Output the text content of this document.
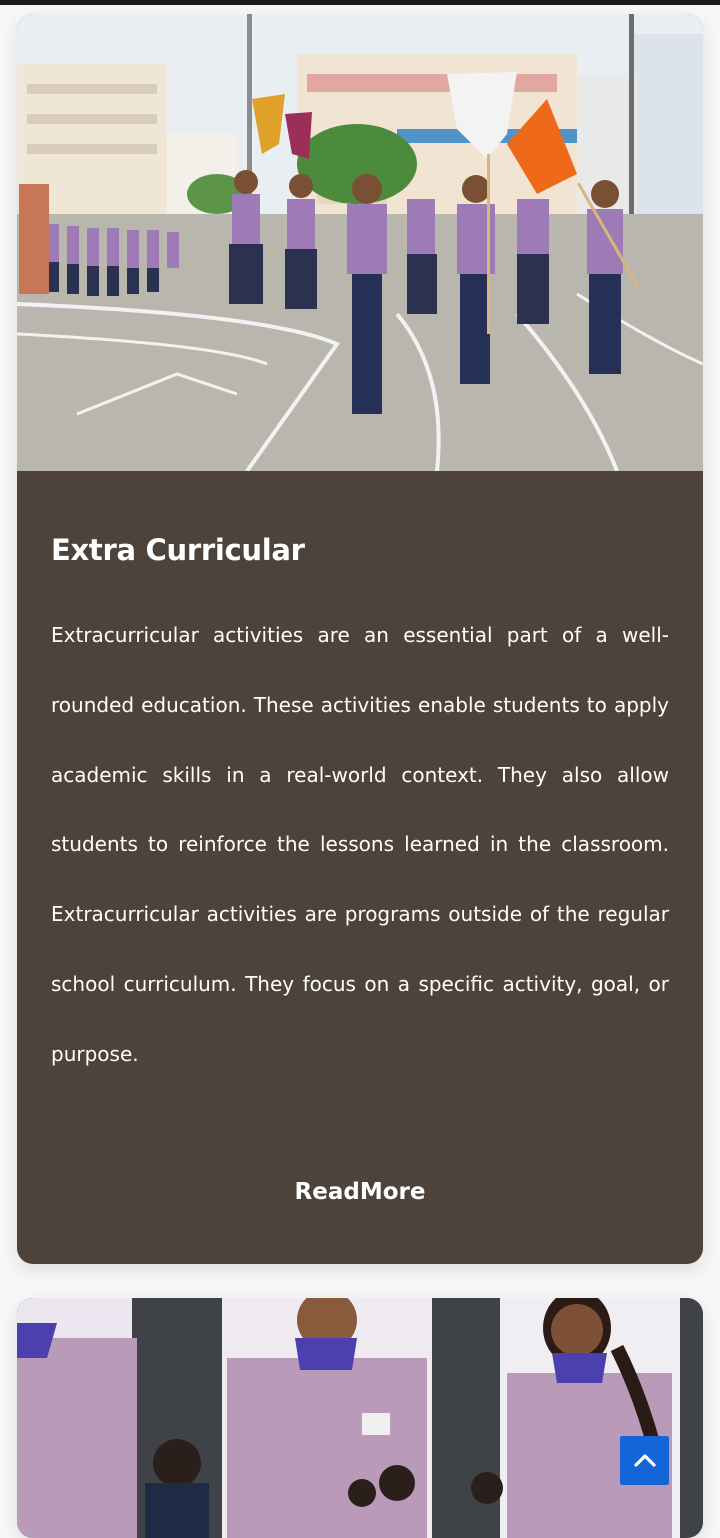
Extra Curricular

Extracurricular activities are an essential part of a well-rounded education. These activities enable students to apply academic skills in a real-world context. They also allow students to reinforce the lessons learned in the classroom. Extracurricular activities are programs outside of the regular school curriculum. They focus on a specific activity, goal, or purpose.

ReadMore
